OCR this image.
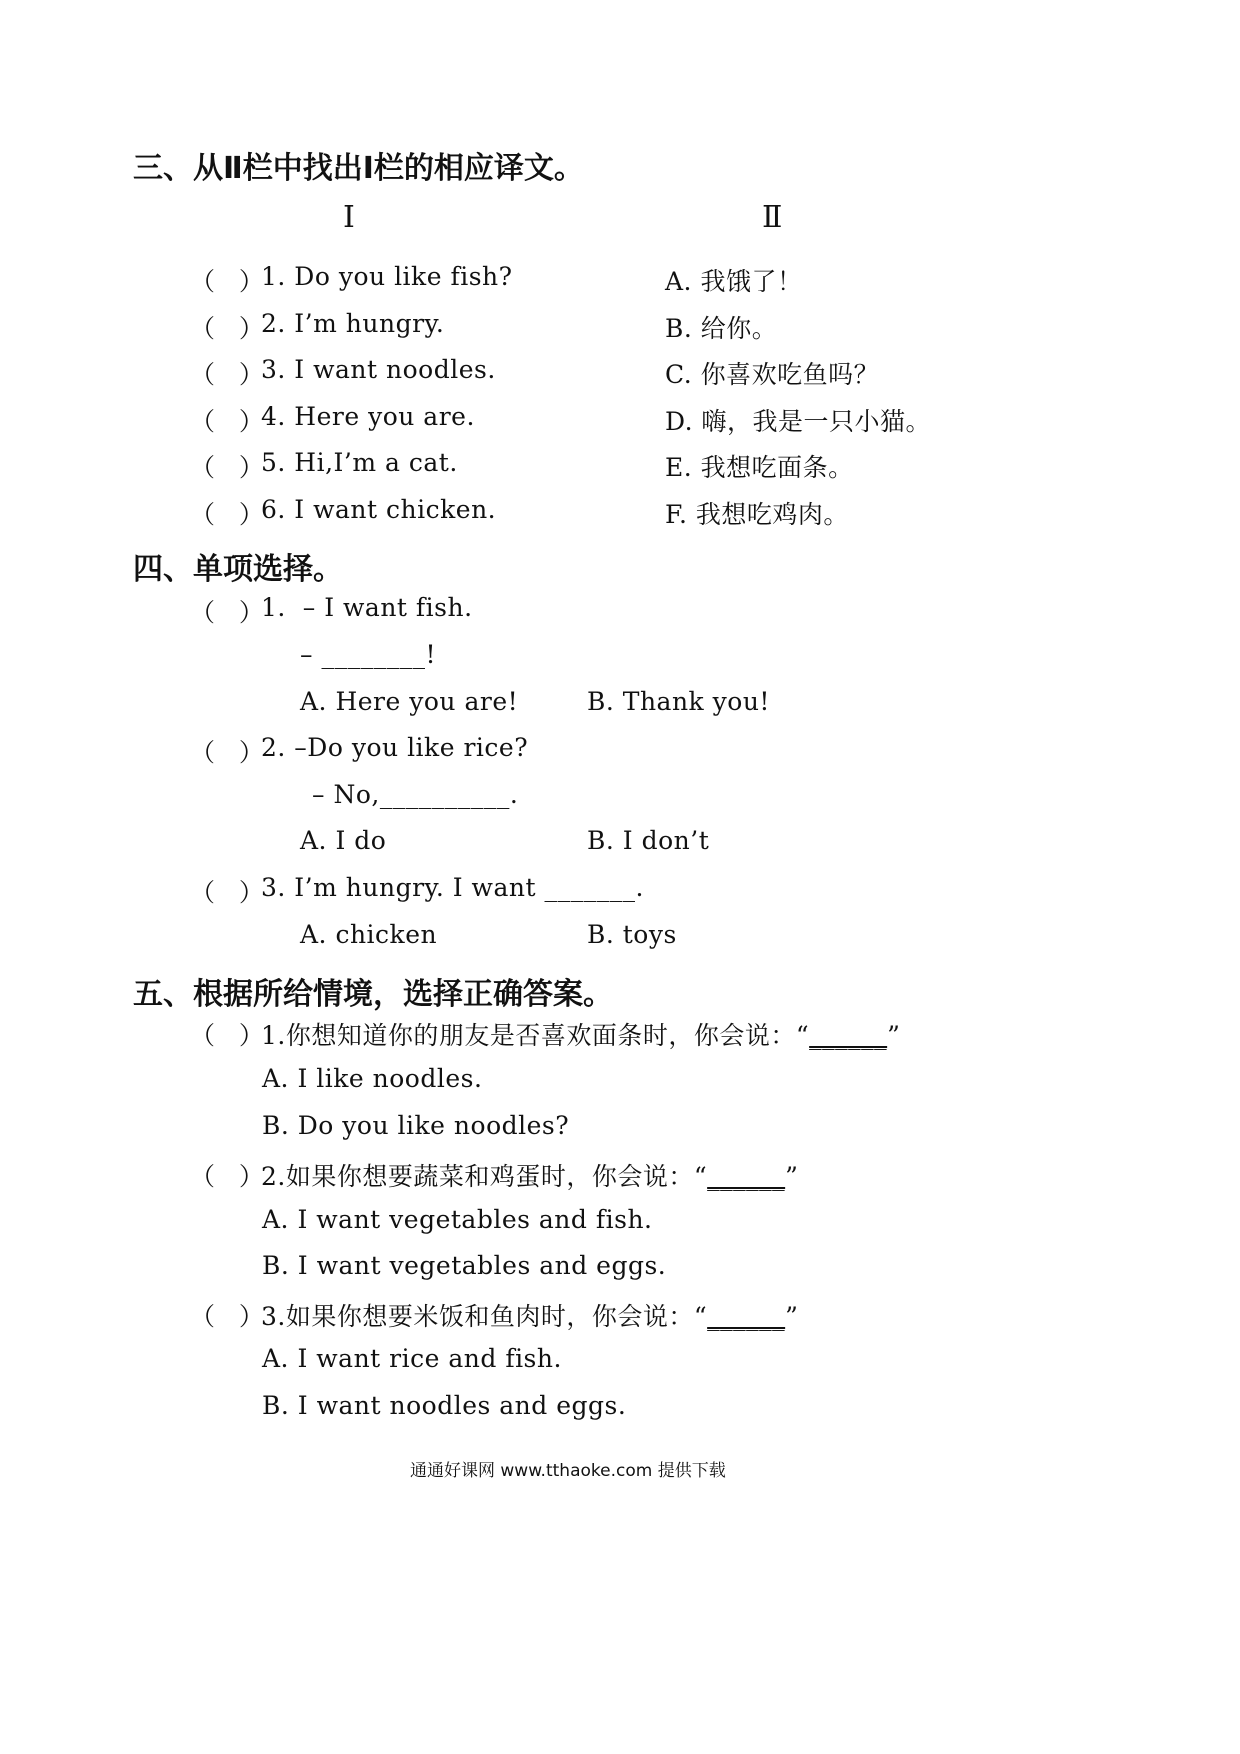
三、从Ⅱ栏中找出Ⅰ栏的相应译文。
Ⅰ	Ⅱ
（   ）
1. Do you like fish?	A. 我饿了！
（   ）
2. I’m hungry.	B. 给你。
（   ）
3. I want noodles.	C. 你喜欢吃鱼吗？
（   ）
4. Here you are.	D. 嗨，我是一只小猫。
（   ）
5. Hi,I’m a cat.	E. 我想吃面条。
（   ）
6. I want chicken.	F. 我想吃鸡肉。
四、单项选择。
（   ）
1.  – I want fish.
– ________!
A. Here you are!	B. Thank you!
（   ）
2. –Do you like rice?
– No,__________.
A. I do	B. I don’t
（   ）
3. I’m hungry. I want _______.
A. chicken	B. toys
五、根据所给情境，选择正确答案。
（   ）
1.你想知道你的朋友是否喜欢面条时，你会说：“______”
A. I like noodles.
B. Do you like noodles?
（   ）
2.如果你想要蔬菜和鸡蛋时，你会说：“______”
A. I want vegetables and fish.
B. I want vegetables and eggs.
（   ）
3.如果你想要米饭和鱼肉时，你会说：“______”
A. I want rice and fish.
B. I want noodles and eggs.
通通好课网 www.tthaoke.com 提供下载
